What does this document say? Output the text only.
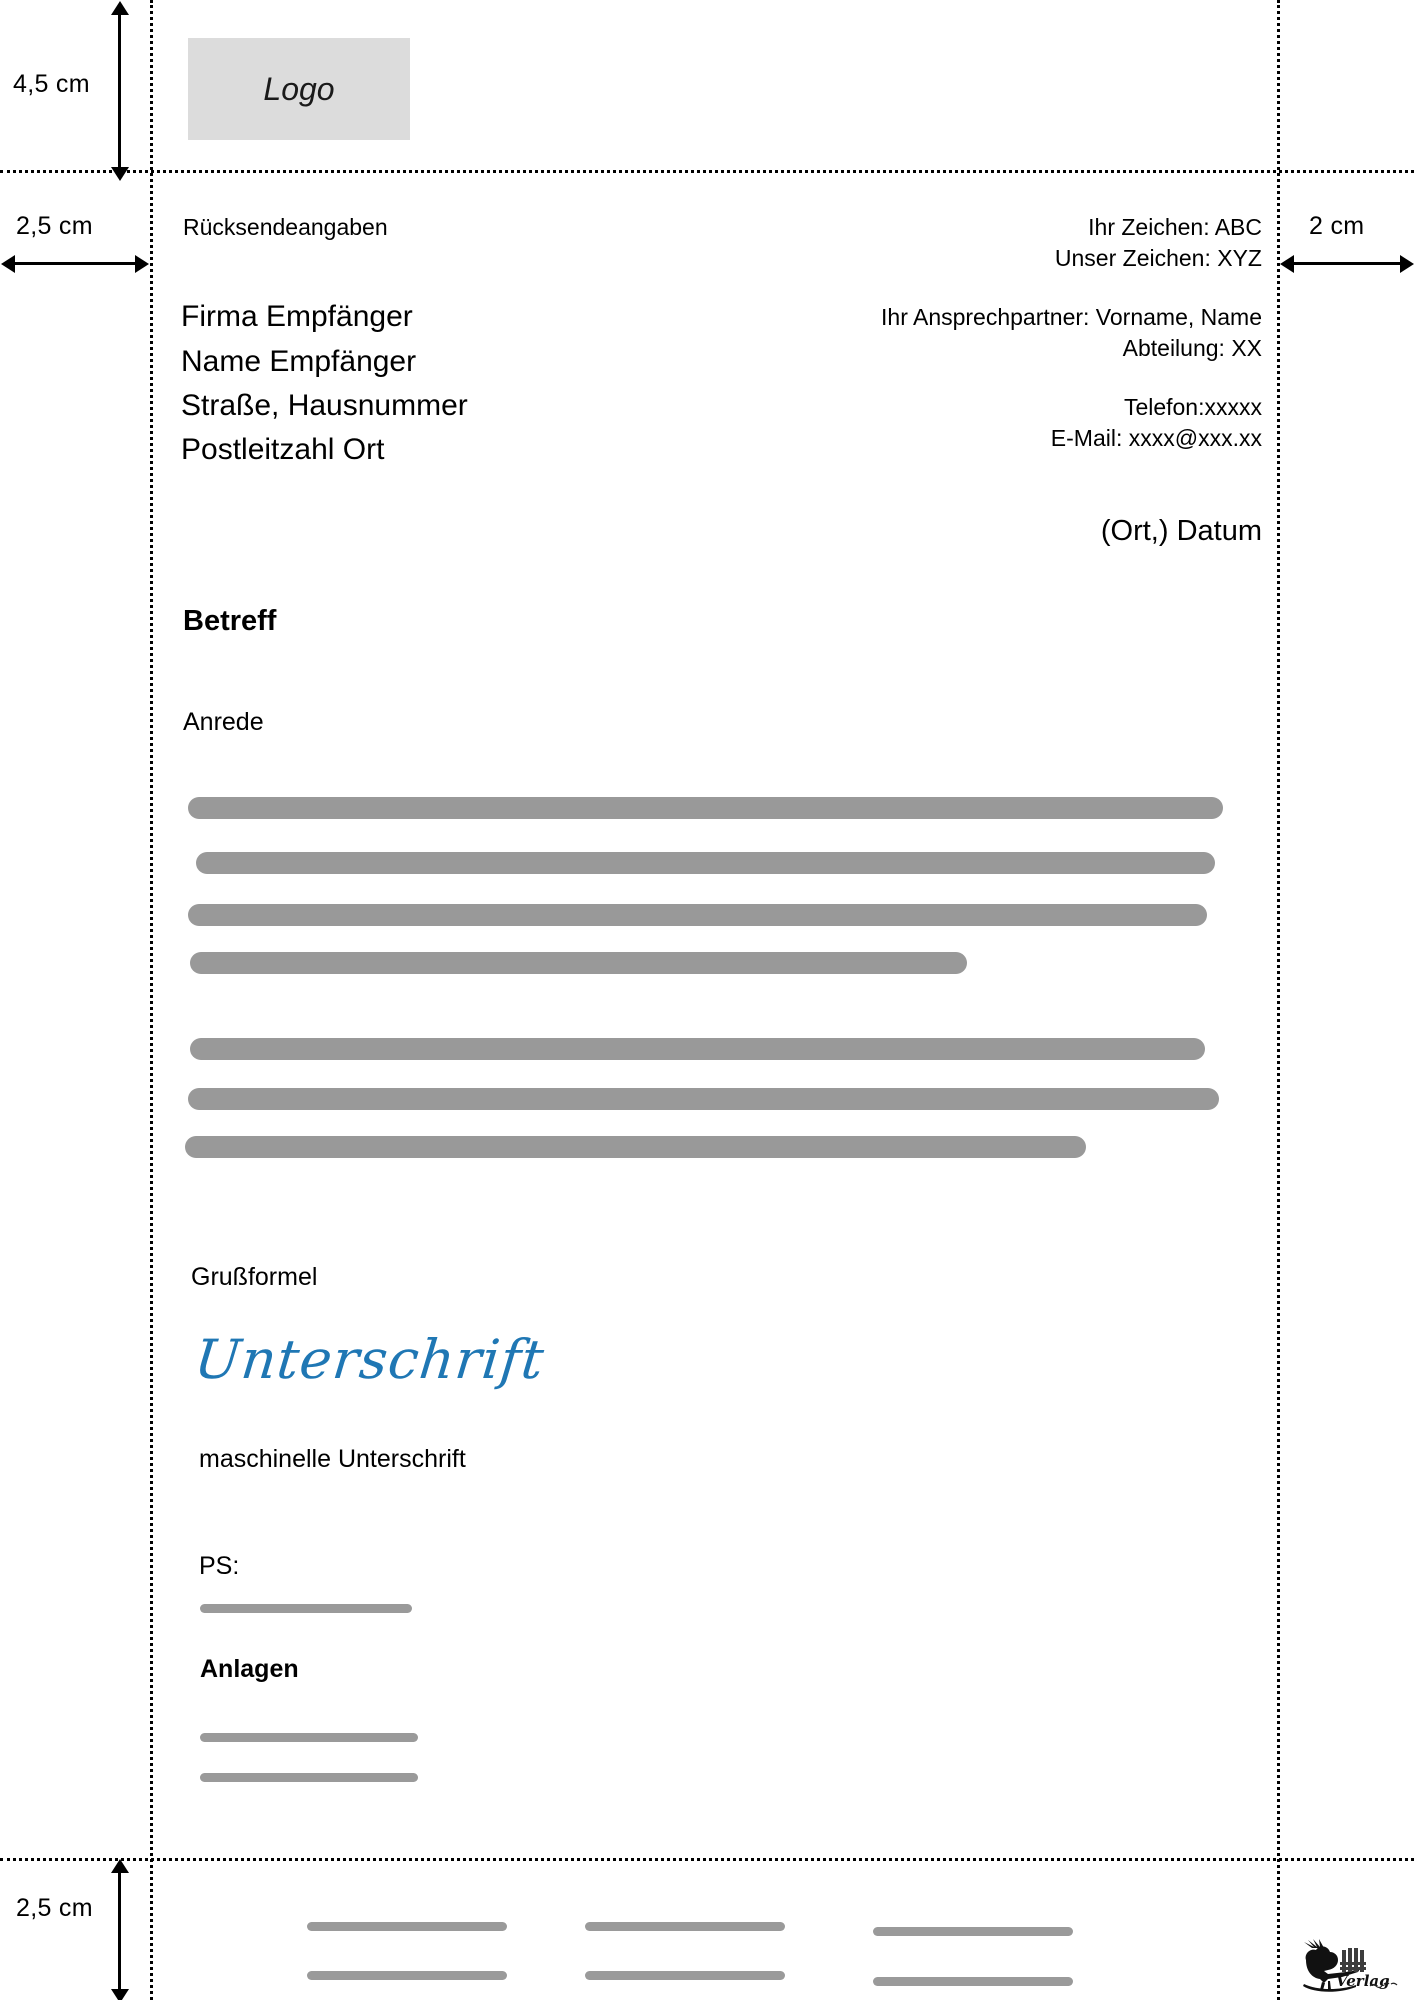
4,5 cm
2,5 cm	2 cm
2,5 cm
Logo
Rücksendeangaben
Firma Empfänger
Name Empfänger
Straße, Hausnummer
Postleitzahl Ort
Ihr Zeichen: ABC
Unser Zeichen: XYZ
Ihr Ansprechpartner: Vorname, Name
Abteilung: XX
Telefon:xxxxx
E-Mail: xxxx@xxx.xx
(Ort,) Datum
Betreff
Anrede
Grußformel
Unterschrift
maschinelle Unterschrift
PS:
Anlagen
Verlag
